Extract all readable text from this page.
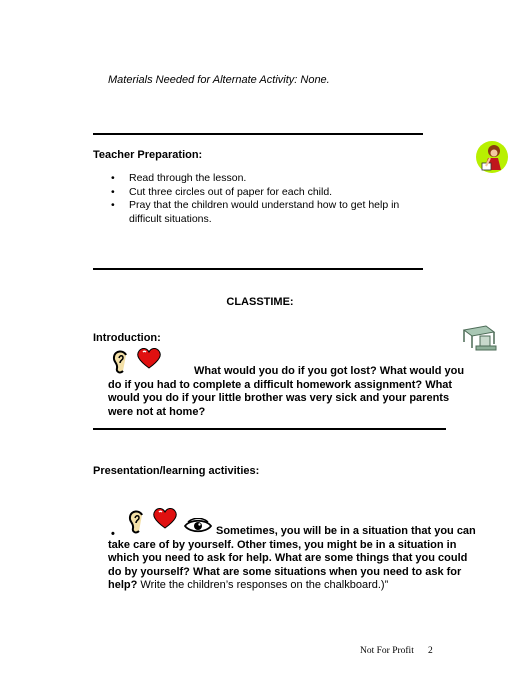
Materials Needed for Alternate Activity: None.
Teacher Preparation:
• Read through the lesson.
• Cut three circles out of paper for each child.
• Pray that the children would understand how to get help in difficult situations.
CLASSTIME:
Introduction:
What would you do if you got lost? What would you do if you had to complete a difficult homework assignment? What would you do if your little brother was very sick and your parents were not at home?
Presentation/learning activities:
•	Sometimes, you will be in a situation that you can take care of by yourself. Other times, you might be in a situation in which you need to ask for help. What are some things that you could do by yourself? What are some situations when you need to ask for help? Write the children’s responses on the chalkboard.)”
Not For Profit 2
